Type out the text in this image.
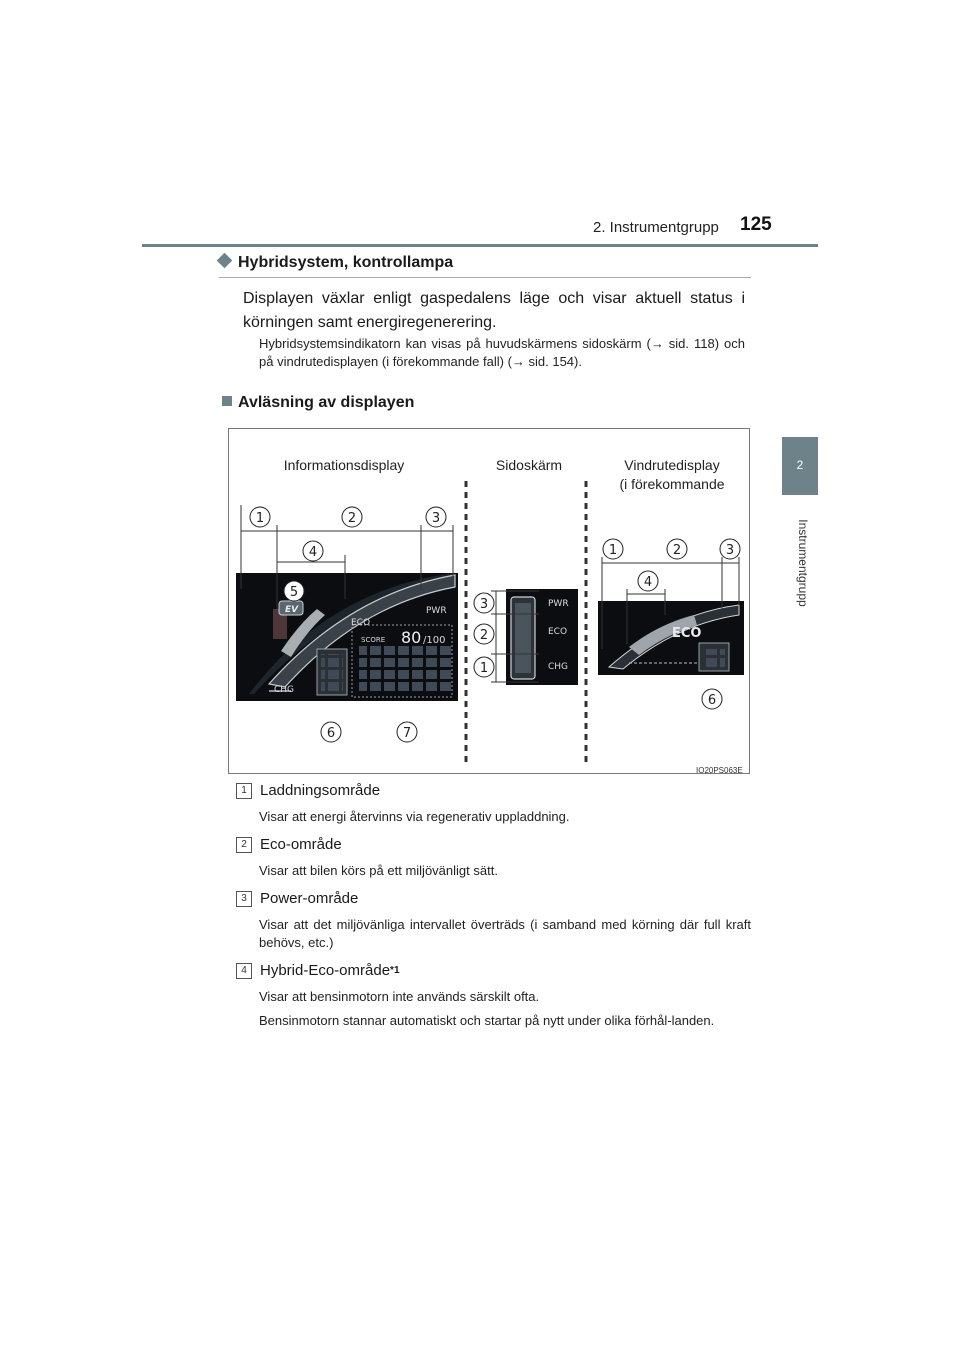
2. Instrumentgrupp 125
2
Instrumentgrupp
Hybridsystem, kontrollampa
Displayen växlar enligt gaspedalens läge och visar aktuell status i körningen samt energiregenerering.
Hybridsystemsindikatorn kan visas på huvudskärmens sidoskärm (→ sid. 118) och på vindrutedisplayen (i förekommande fall) (→ sid. 154).
Avläsning av displayen
CHG
ECO
PWR
EV
SCORE 80 /100
PWR
ECO
CHG
ECO
1	2	3
4
5
6	7
3
2
1
1	2	3
4
6
Informationsdisplay	Sidoskärm	Vindrutedisplay
(i förekommande
IO20PS063E
1 Laddningsområde

Visar att energi återvinns via regenerativ uppladdning.

2 Eco-område

Visar att bilen körs på ett miljövänligt sätt.

3 Power-område

Visar att det miljövänliga intervallet överträds (i samband med körning där full kraft behövs, etc.)

4 Hybrid-Eco-område *1

Visar att bensinmotorn inte används särskilt ofta.

Bensinmotorn stannar automatiskt och startar på nytt under olika förhål-landen.
